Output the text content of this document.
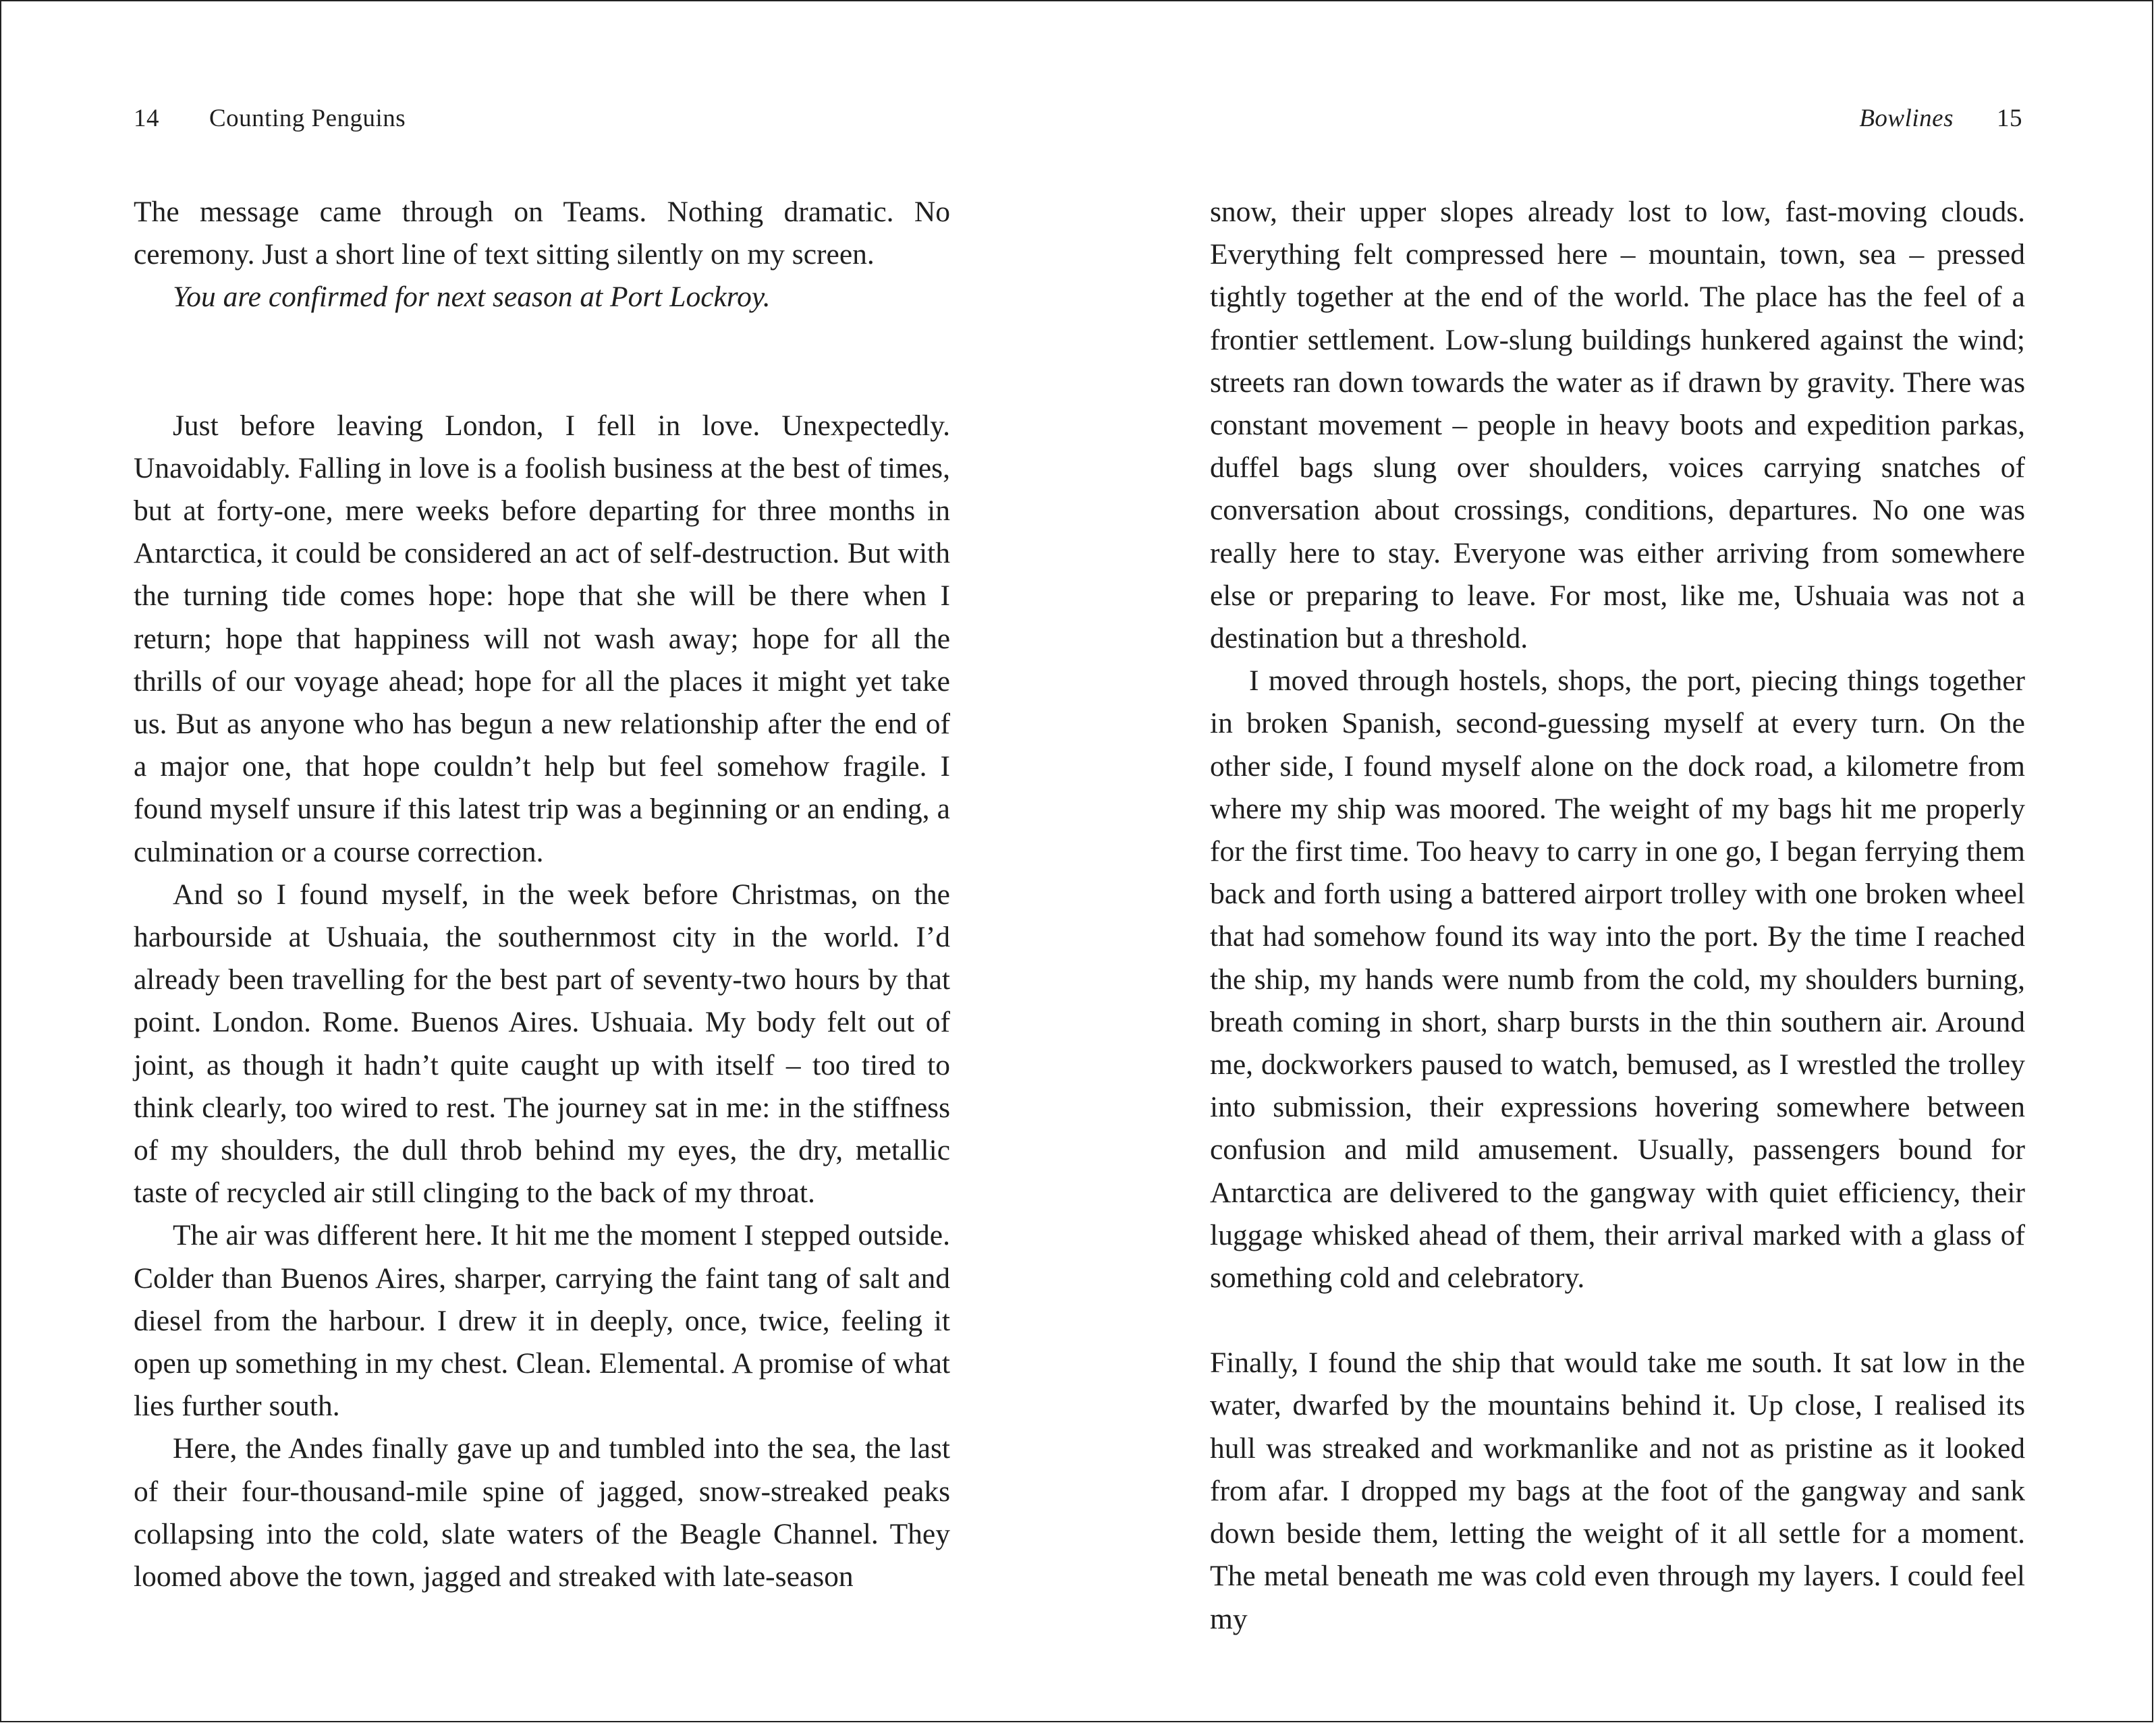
14 Counting Penguins

The message came through on Teams. Nothing dramatic. No ceremony. Just a short line of text sitting silently on my screen.

You are confirmed for next season at Port Lockroy.

Just before leaving London, I fell in love. Unexpectedly. Unavoidably. Falling in love is a foolish business at the best of times, but at forty-one, mere weeks before departing for three months in Antarctica, it could be considered an act of self-destruction. But with the turning tide comes hope: hope that she will be there when I return; hope that happiness will not wash away; hope for all the thrills of our voyage ahead; hope for all the places it might yet take us. But as anyone who has begun a new relationship after the end of a major one, that hope couldn’t help but feel somehow fragile. I found myself unsure if this latest trip was a beginning or an ending, a culmination or a course correction.

And so I found myself, in the week before Christmas, on the harbourside at Ushuaia, the southernmost city in the world. I’d already been travelling for the best part of seventy-two hours by that point. London. Rome. Buenos Aires. Ushuaia. My body felt out of joint, as though it hadn’t quite caught up with itself – too tired to think clearly, too wired to rest. The journey sat in me: in the stiffness of my shoulders, the dull throb behind my eyes, the dry, metallic taste of recycled air still clinging to the back of my throat.

The air was different here. It hit me the moment I stepped outside. Colder than Buenos Aires, sharper, carrying the faint tang of salt and diesel from the harbour. I drew it in deeply, once, twice, feeling it open up something in my chest. Clean. Elemental. A promise of what lies further south.

Here, the Andes finally gave up and tumbled into the sea, the last of their four-thousand-mile spine of jagged, snow-streaked peaks collapsing into the cold, slate waters of the Beagle Channel. They loomed above the town, jagged and streaked with late-season

Bowlines 15

snow, their upper slopes already lost to low, fast-moving clouds. Everything felt compressed here – mountain, town, sea – pressed tightly together at the end of the world. The place has the feel of a frontier settlement. Low-slung buildings hunkered against the wind; streets ran down towards the water as if drawn by gravity. There was constant movement – people in heavy boots and expedition parkas, duffel bags slung over shoulders, voices carrying snatches of conversation about crossings, conditions, departures. No one was really here to stay. Everyone was either arriving from somewhere else or preparing to leave. For most, like me, Ushuaia was not a destination but a threshold.

I moved through hostels, shops, the port, piecing things together in broken Spanish, second-guessing myself at every turn. On the other side, I found myself alone on the dock road, a kilometre from where my ship was moored. The weight of my bags hit me properly for the first time. Too heavy to carry in one go, I began ferrying them back and forth using a battered airport trolley with one broken wheel that had somehow found its way into the port. By the time I reached the ship, my hands were numb from the cold, my shoulders burning, breath coming in short, sharp bursts in the thin southern air. Around me, dockworkers paused to watch, bemused, as I wrestled the trolley into submission, their expressions hovering somewhere between confusion and mild amusement. Usually, passengers bound for Antarctica are delivered to the gangway with quiet efficiency, their luggage whisked ahead of them, their arrival marked with a glass of something cold and celebratory.

Finally, I found the ship that would take me south. It sat low in the water, dwarfed by the mountains behind it. Up close, I realised its hull was streaked and workmanlike and not as pristine as it looked from afar. I dropped my bags at the foot of the gangway and sank down beside them, letting the weight of it all settle for a moment. The metal beneath me was cold even through my layers. I could feel my
